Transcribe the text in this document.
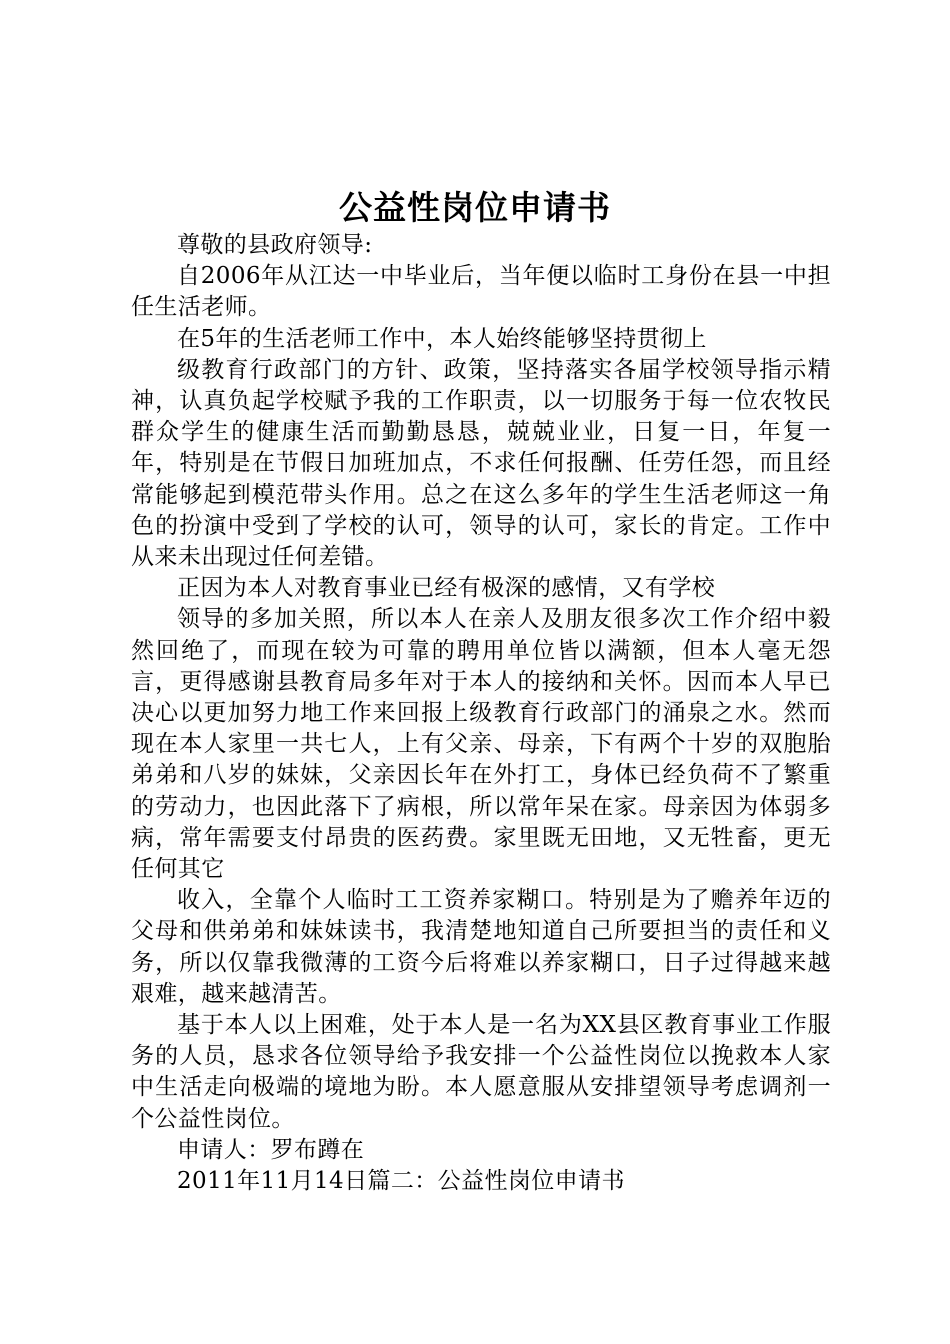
公益性岗位申请书

尊敬的县政府领导:

自2006年从江达一中毕业后，当年便以临时工身份在县一中担任生活老师。

在5年的生活老师工作中，本人始终能够坚持贯彻上

级教育行政部门的方针、政策，坚持落实各届学校领导指示精神，认真负起学校赋予我的工作职责，以一切服务于每一位农牧民群众学生的健康生活而勤勤恳恳，兢兢业业，日复一日，年复一年，特别是在节假日加班加点，不求任何报酬、任劳任怨，而且经常能够起到模范带头作用。总之在这么多年的学生生活老师这一角色的扮演中受到了学校的认可，领导的认可，家长的肯定。工作中从来未出现过任何差错。

正因为本人对教育事业已经有极深的感情，又有学校

领导的多加关照，所以本人在亲人及朋友很多次工作介绍中毅然回绝了，而现在较为可靠的聘用单位皆以满额，但本人毫无怨言，更得感谢县教育局多年对于本人的接纳和关怀。因而本人早已决心以更加努力地工作来回报上级教育行政部门的涌泉之水。然而现在本人家里一共七人，上有父亲、母亲，下有两个十岁的双胞胎弟弟和八岁的妹妹，父亲因长年在外打工，身体已经负荷不了繁重的劳动力，也因此落下了病根，所以常年呆在家。母亲因为体弱多病，常年需要支付昂贵的医药费。家里既无田地，又无牲畜，更无任何其它

收入，全靠个人临时工工资养家糊口。特别是为了赡养年迈的父母和供弟弟和妹妹读书，我清楚地知道自己所要担当的责任和义务，所以仅靠我微薄的工资今后将难以养家糊口，日子过得越来越艰难，越来越清苦。

基于本人以上困难，处于本人是一名为XX县区教育事业工作服务的人员，恳求各位领导给予我安排一个公益性岗位以挽救本人家中生活走向极端的境地为盼。本人愿意服从安排望领导考虑调剂一个公益性岗位。

申请人：罗布蹲在

2011年11月14日篇二：公益性岗位申请书
